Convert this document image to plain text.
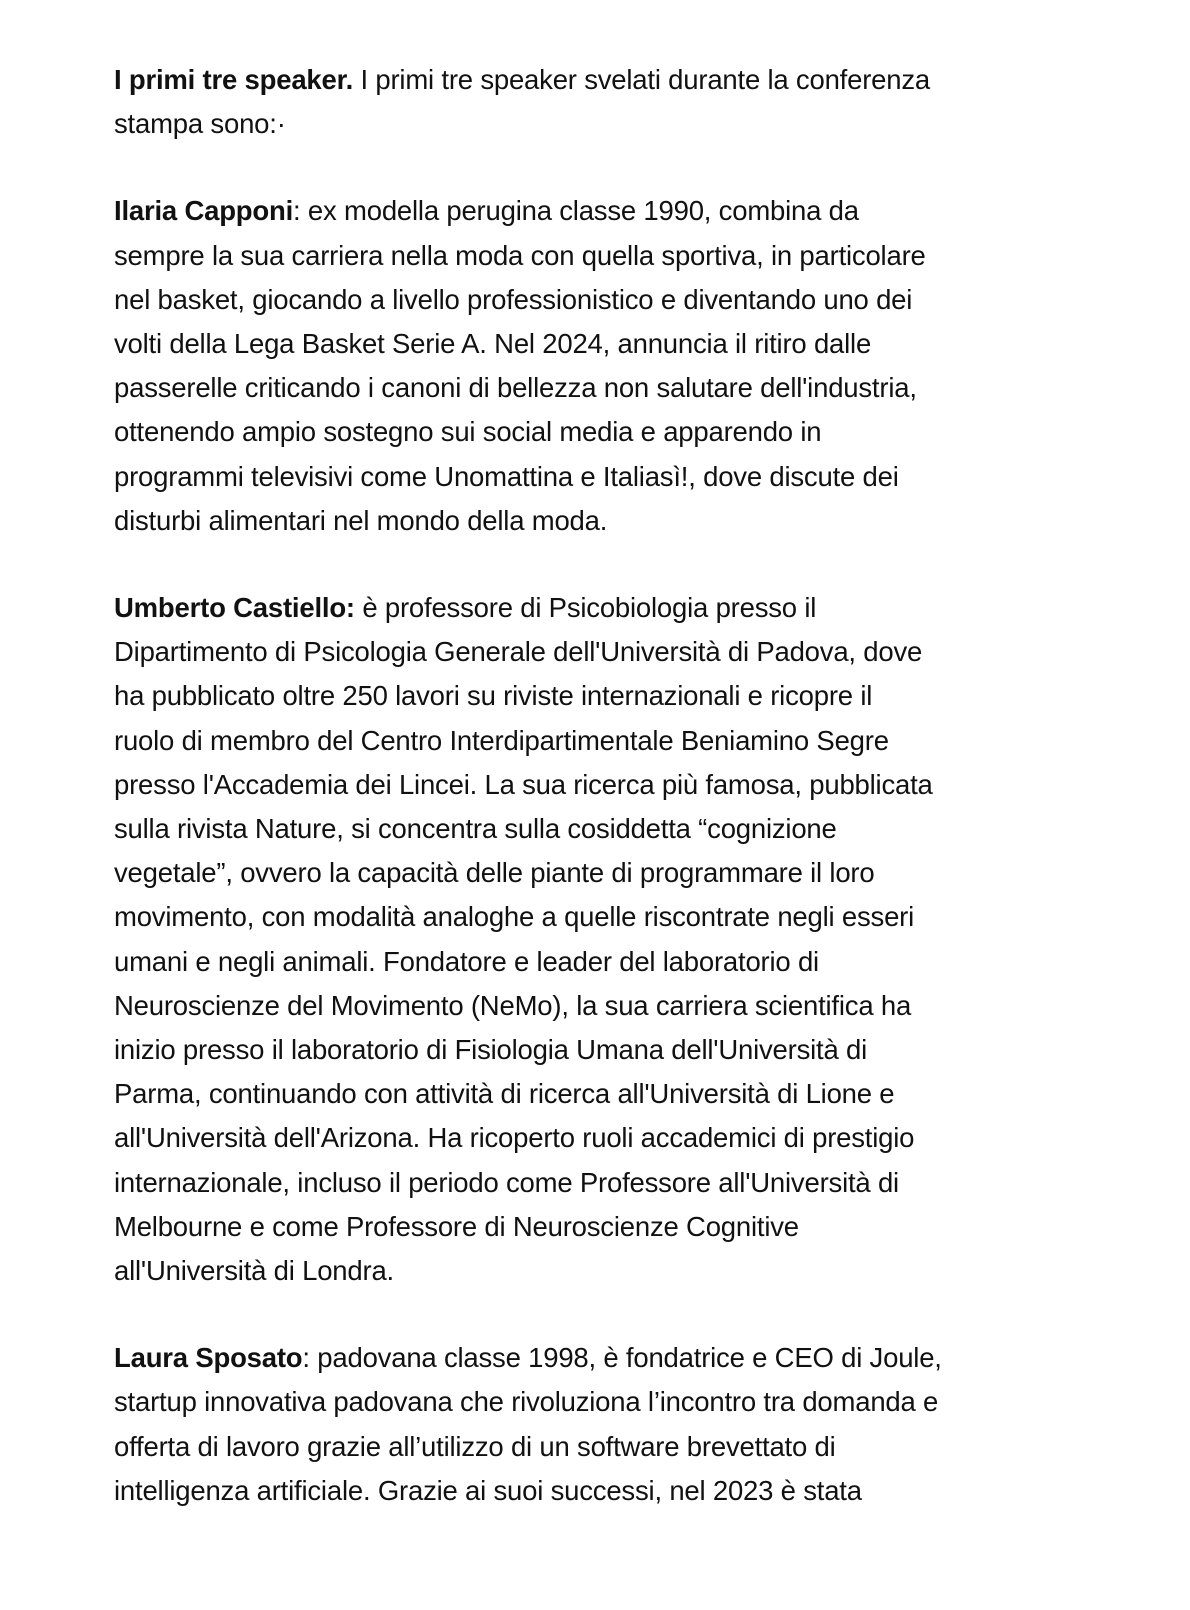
I primi tre speaker. I primi tre speaker svelati durante la conferenza
stampa sono:·

Ilaria Capponi: ex modella perugina classe 1990, combina da
sempre la sua carriera nella moda con quella sportiva, in particolare
nel basket, giocando a livello professionistico e diventando uno dei
volti della Lega Basket Serie A. Nel 2024, annuncia il ritiro dalle
passerelle criticando i canoni di bellezza non salutare dell'industria,
ottenendo ampio sostegno sui social media e apparendo in
programmi televisivi come Unomattina e Italiasì!, dove discute dei
disturbi alimentari nel mondo della moda.

Umberto Castiello: è professore di Psicobiologia presso il
Dipartimento di Psicologia Generale dell'Università di Padova, dove
ha pubblicato oltre 250 lavori su riviste internazionali e ricopre il
ruolo di membro del Centro Interdipartimentale Beniamino Segre
presso l'Accademia dei Lincei. La sua ricerca più famosa, pubblicata
sulla rivista Nature, si concentra sulla cosiddetta “cognizione
vegetale”, ovvero la capacità delle piante di programmare il loro
movimento, con modalità analoghe a quelle riscontrate negli esseri
umani e negli animali. Fondatore e leader del laboratorio di
Neuroscienze del Movimento (NeMo), la sua carriera scientifica ha
inizio presso il laboratorio di Fisiologia Umana dell'Università di
Parma, continuando con attività di ricerca all'Università di Lione e
all'Università dell'Arizona. Ha ricoperto ruoli accademici di prestigio
internazionale, incluso il periodo come Professore all'Università di
Melbourne e come Professore di Neuroscienze Cognitive
all'Università di Londra.

Laura Sposato: padovana classe 1998, è fondatrice e CEO di Joule,
startup innovativa padovana che rivoluziona l’incontro tra domanda e
offerta di lavoro grazie all’utilizzo di un software brevettato di
intelligenza artificiale. Grazie ai suoi successi, nel 2023 è stata
